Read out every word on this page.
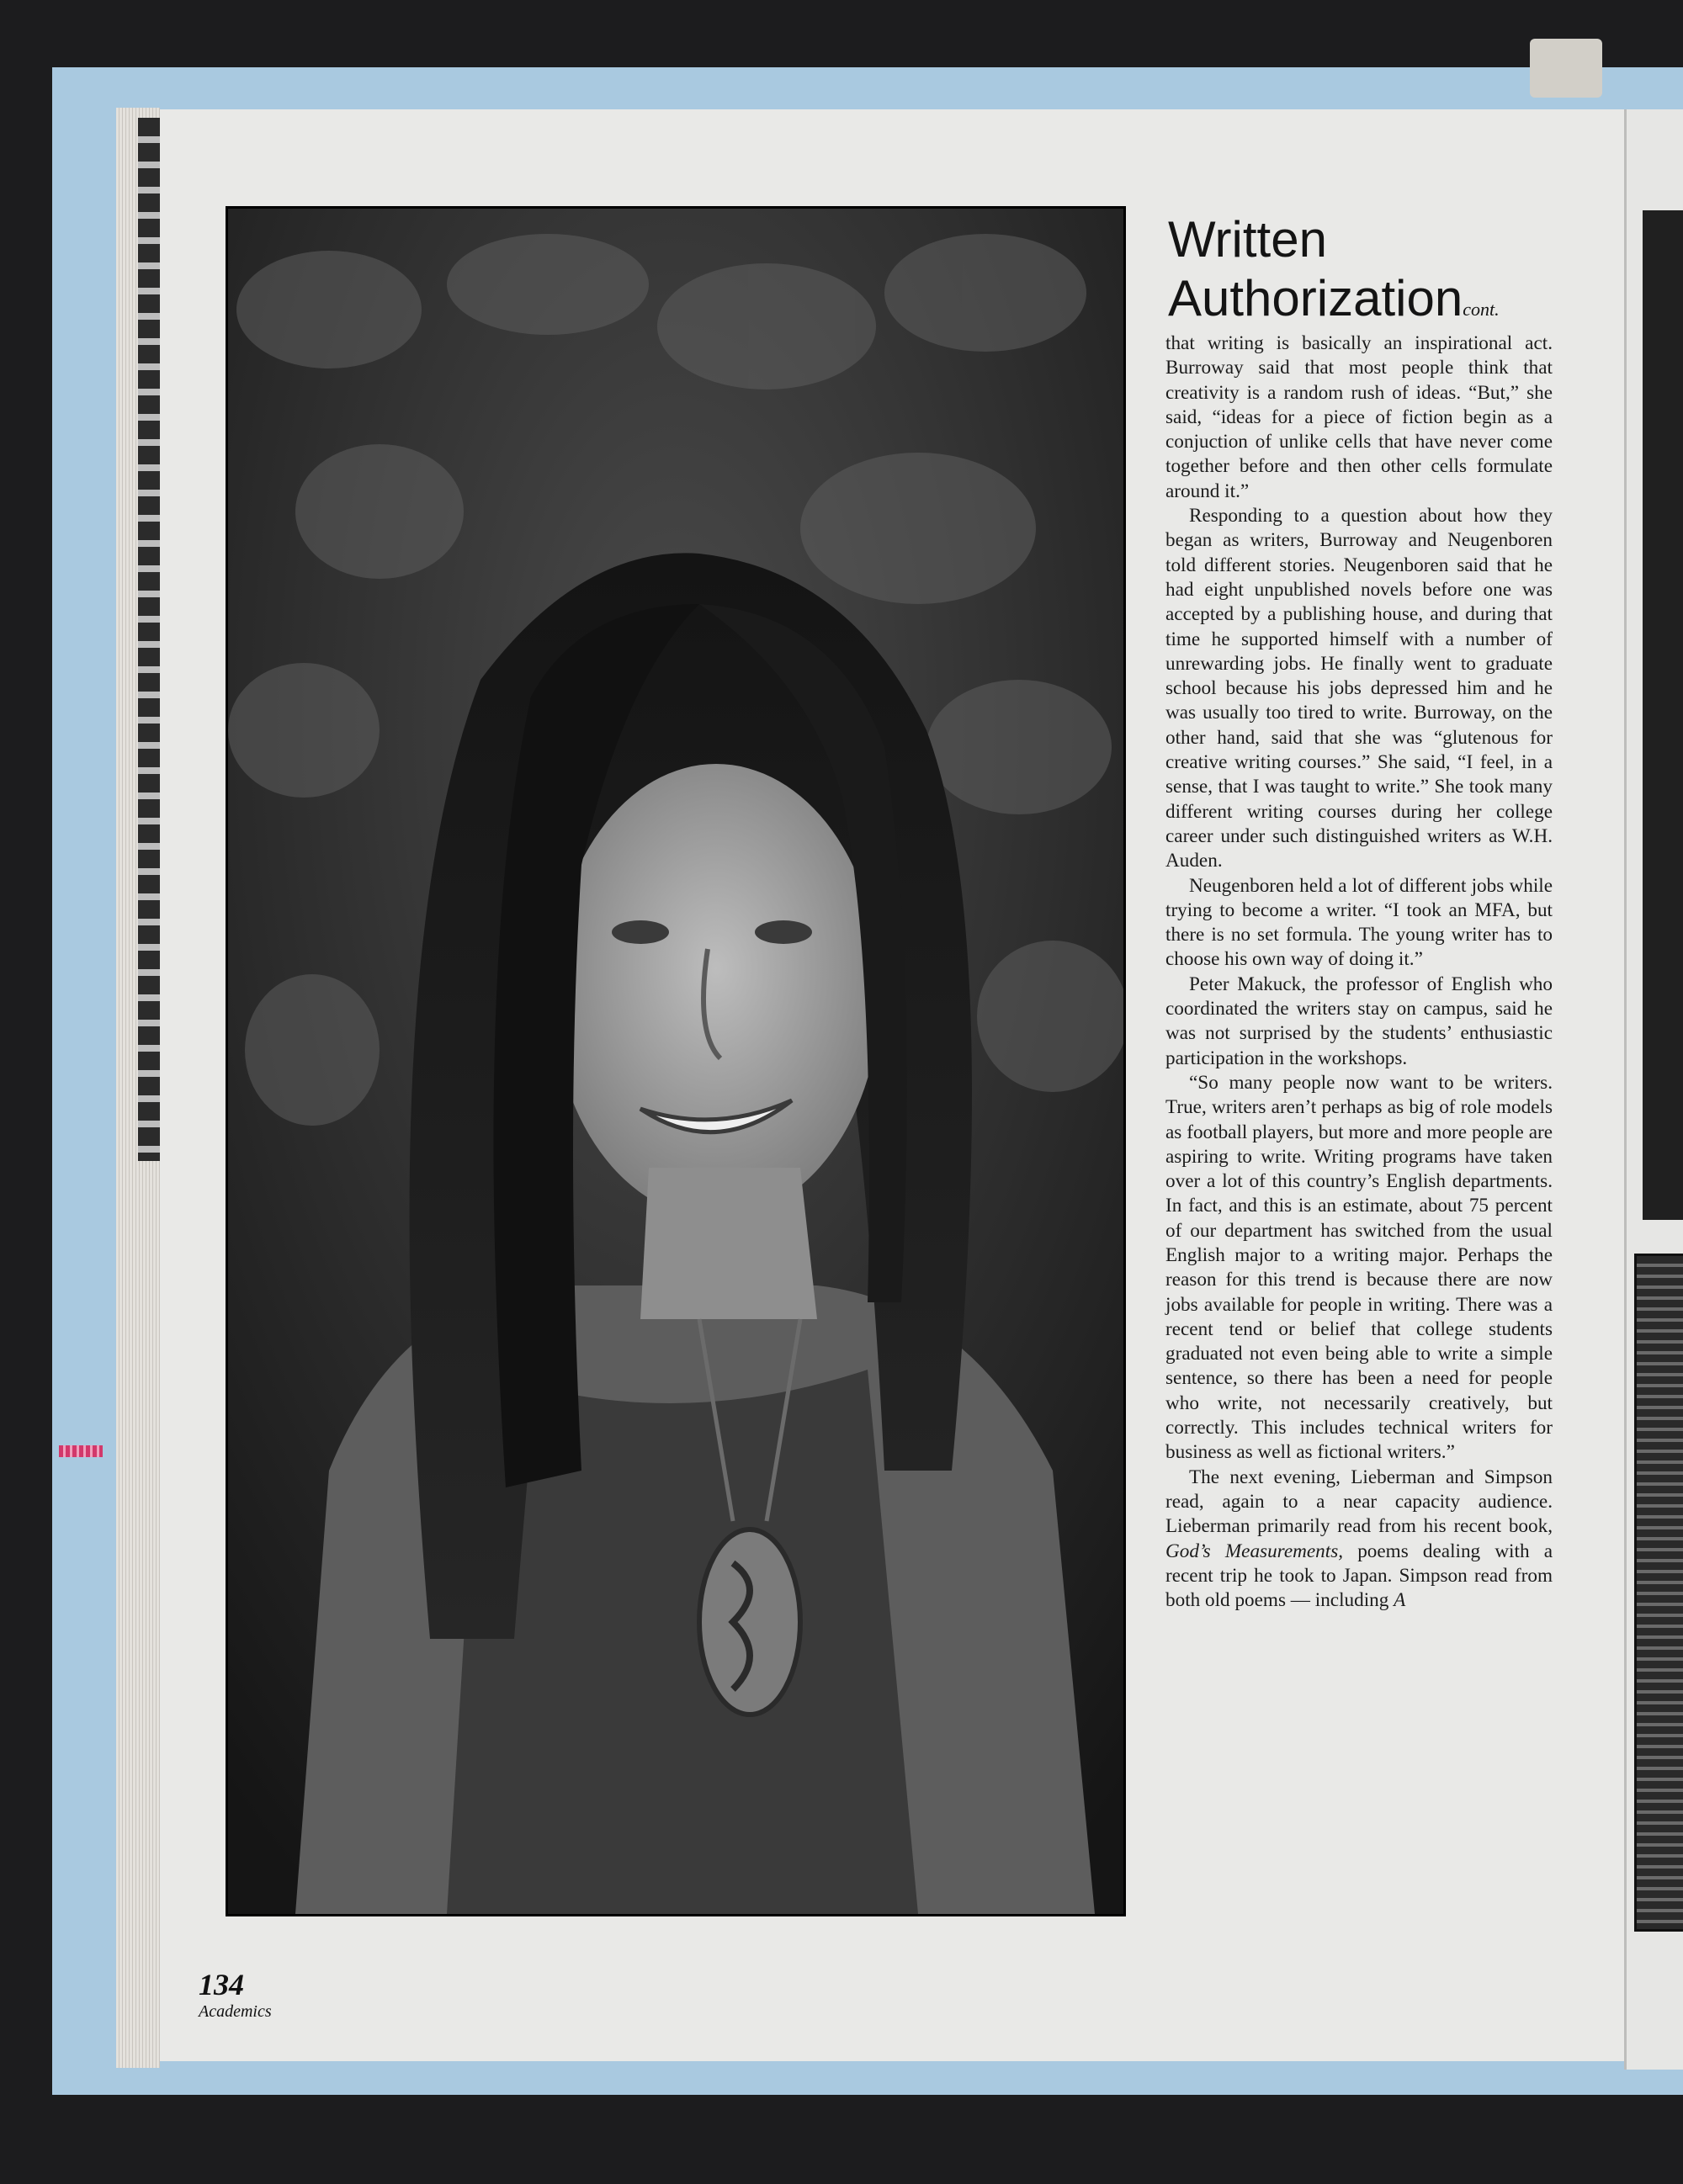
Written Authorizationcont.

that writing is basically an inspirational act. Burroway said that most people think that creativity is a random rush of ideas. “But,” she said, “ideas for a piece of fiction begin as a conjuction of unlike cells that have never come together before and then other cells formulate around it.”

Responding to a question about how they began as writers, Burroway and Neugenboren told different stories. Neugenboren said that he had eight unpublished novels before one was accepted by a publishing house, and during that time he supported himself with a number of unrewarding jobs. He finally went to graduate school because his jobs depressed him and he was usually too tired to write. Burroway, on the other hand, said that she was “glutenous for creative writing courses.” She said, “I feel, in a sense, that I was taught to write.” She took many different writing courses during her college career under such distinguished writers as W.H. Auden.

Neugenboren held a lot of different jobs while trying to become a writer. “I took an MFA, but there is no set formula. The young writer has to choose his own way of doing it.”

Peter Makuck, the professor of English who coordinated the writers stay on campus, said he was not surprised by the students’ enthusiastic participation in the workshops.

“So many people now want to be writers. True, writers aren’t perhaps as big of role models as football players, but more and more people are aspiring to write. Writing programs have taken over a lot of this country’s English departments. In fact, and this is an estimate, about 75 percent of our department has switched from the usual English major to a writing major. Perhaps the reason for this trend is because there are now jobs available for people in writing. There was a recent tend or belief that college students graduated not even being able to write a simple sentence, so there has been a need for people who write, not necessarily creatively, but correctly. This includes technical writers for business as well as fictional writers.”

The next evening, Lieberman and Simpson read, again to a near capacity audience. Lieberman primarily read from his recent book, God’s Measurements, poems dealing with a recent trip he took to Japan. Simpson read from both old poems — including A

134
Academics
